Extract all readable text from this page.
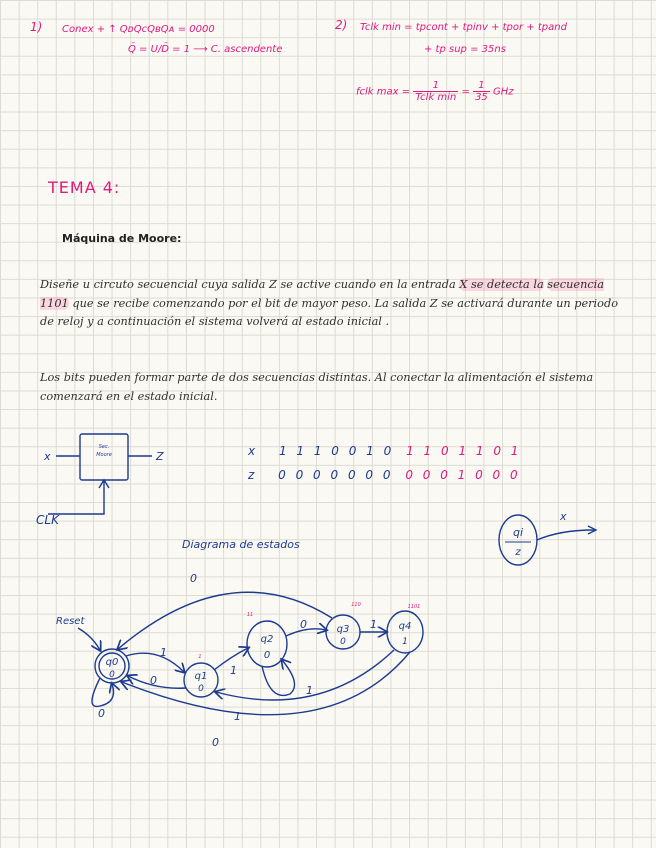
1) Conex + ↑ QᴅQᴄQʙQᴀ = 0000
Q̄ = U/D̄ = 1 ⟶ C. ascendente
2) Tclk min = tpcont + tpinv + tpor + tpand
+ tp sup = 35ns
fclk $\max = \frac{1}{\text{Tclk min}} = \frac{1}{35}$ GHz
TEMA 4:
Máquina de Moore:
Diseñe u circuto secuencial cuya salida Z se active cuando en la entrada X se detecta la secuencia 1101 que se recibe comenzando por el bit de mayor peso. La salida Z se activará durante un periodo de reloj y a continuación el sistema volverá al estado inicial .
Los bits pueden formar parte de dos secuencias distintas. Al conectar la alimentación el sistema comenzará en el estado inicial.
x	Z
CLK
Sec.
Moore	x 1 1 1 0 0 1 0 1 1 0 1 1 0 1
z 0 0 0 0 0 0 0 0 0 0 1 0 0 0
qi
z
x
Diagrama de estados
q0
0	q1
0
q2
0
q3
0
q4
1
1
11
110	1101
Reset
0
1
0
1
1
0	1
0
1
0
